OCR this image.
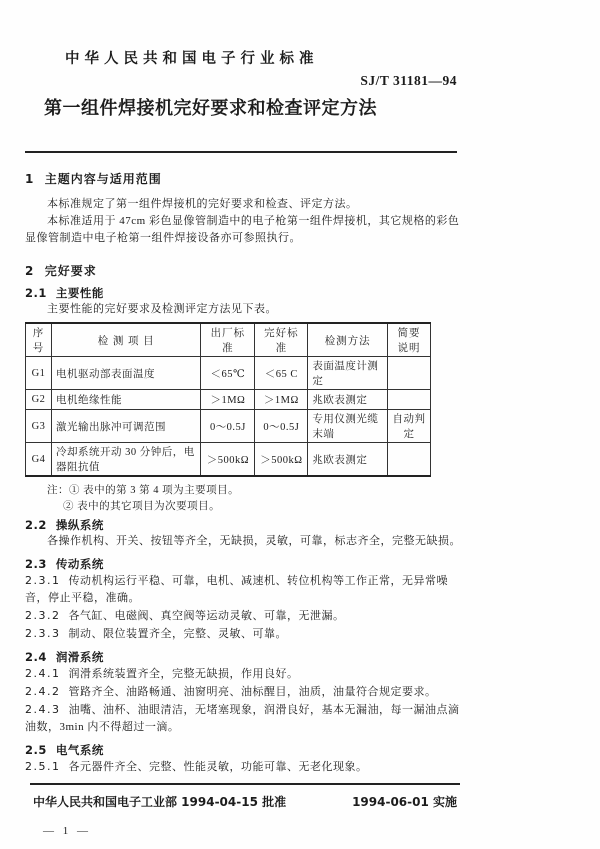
中华人民共和国电子行业标准
SJ/T 31181—94
第一组件焊接机完好要求和检查评定方法
1 主题内容与适用范围

本标准规定了第一组件焊接机的完好要求和检查、评定方法。

本标准适用于 47cm 彩色显像管制造中的电子枪第一组件焊接机，其它规格的彩色显像管制造中电子枪第一组件焊接设备亦可参照执行。

2 完好要求
2.1 主要性能

主要性能的完好要求及检测评定方法见下表。

序 号	检 测 项 目	出厂标准	完好标准	检测方法	简要说明
G1	电机驱动部表面温度	＜65℃	＜65 C	表面温度计测定	
G2	电机绝缘性能	＞1MΩ	＞1MΩ	兆欧表测定	
G3	激光输出脉冲可调范围	0～0.5J	0～0.5J	专用仪测光缆末端	自动判定
G4	冷却系统开动 30 分钟后，电器阻抗值	＞500kΩ	＞500kΩ	兆欧表测定	
注：① 表中的第 3 第 4 项为主要项目。
② 表中的其它项目为次要项目。
2.2 操纵系统

各操作机构、开关、按钮等齐全，无缺损，灵敏，可靠，标志齐全，完整无缺损。

2.3 传动系统

2.3.1 传动机构运行平稳、可靠，电机、减速机、转位机构等工作正常，无异常噪音，停止平稳，准确。

2.3.2 各气缸、电磁阀、真空阀等运动灵敏、可靠，无泄漏。

2.3.3 制动、限位装置齐全，完整、灵敏、可靠。

2.4 润滑系统

2.4.1 润滑系统装置齐全，完整无缺损，作用良好。

2.4.2 管路齐全、油路畅通、油窗明亮、油标醒目，油质，油量符合规定要求。

2.4.3 油嘴、油杯、油眼清洁，无堵塞现象，润滑良好，基本无漏油，每一漏油点滴油数，3min 内不得超过一滴。

2.5 电气系统

2.5.1 各元器件齐全、完整、性能灵敏，功能可靠、无老化现象。

中华人民共和国电子工业部 1994-04-15 批准	1994-06-01 实施
— 1 —
